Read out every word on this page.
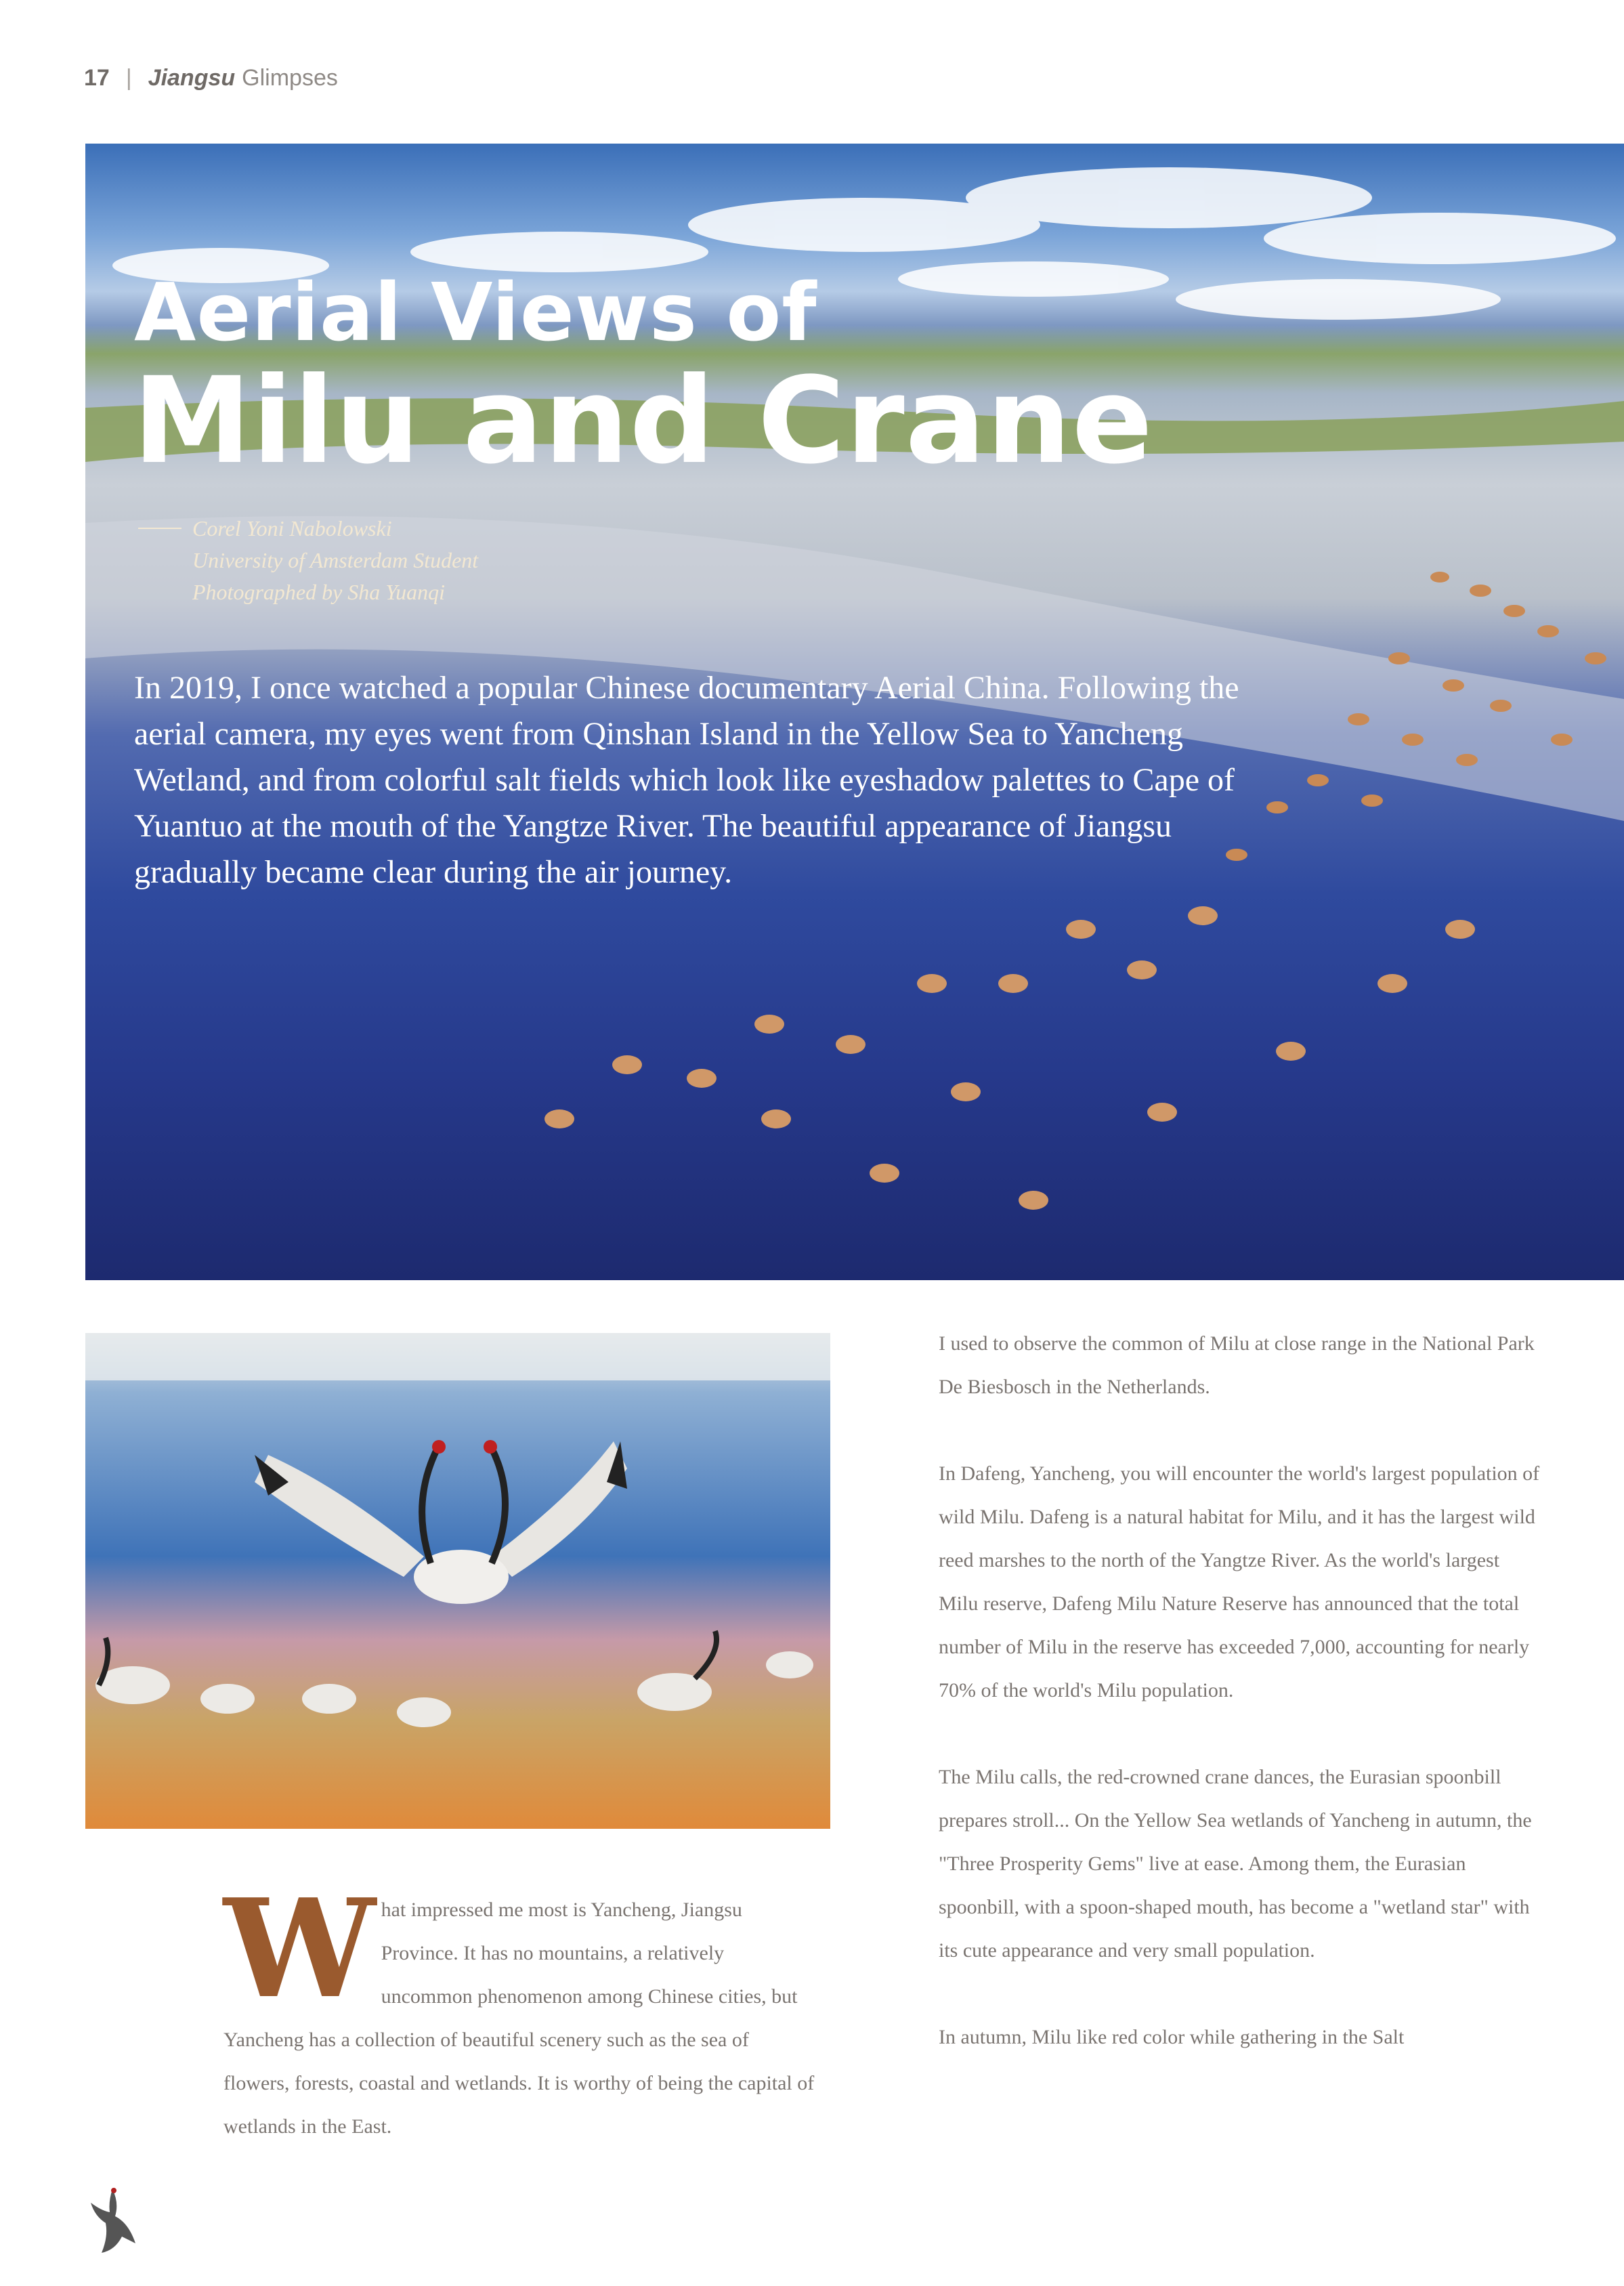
17 | Jiangsu Glimpses
Aerial Views of
Milu and Crane
Corel Yoni Nabolowski
University of Amsterdam Student
Photographed by Sha Yuanqi
In 2019, I once watched a popular Chinese documentary Aerial China. Following the aerial camera, my eyes went from Qinshan Island in the Yellow Sea to Yancheng Wetland, and from colorful salt fields which look like eyeshadow palettes to Cape of Yuantuo at the mouth of the Yangtze River. The beautiful appearance of Jiangsu gradually became clear during the air journey.
W hat impressed me most is Yancheng, Jiangsu Province. It has no mountains, a relatively uncommon phenomenon among Chinese cities, but Yancheng has a collection of beautiful scenery such as the sea of flowers, forests, coastal and wetlands. It is worthy of being the capital of wetlands in the East.

I used to observe the common of Milu at close range in the National Park De Biesbosch in the Netherlands.

In Dafeng, Yancheng, you will encounter the world's largest population of wild Milu. Dafeng is a natural habitat for Milu, and it has the largest wild reed marshes to the north of the Yangtze River. As the world's largest Milu reserve, Dafeng Milu Nature Reserve has announced that the total number of Milu in the reserve has exceeded 7,000, accounting for nearly 70% of the world's Milu population.

The Milu calls, the red-crowned crane dances, the Eurasian spoonbill prepares stroll... On the Yellow Sea wetlands of Yancheng in autumn, the "Three Prosperity Gems" live at ease. Among them, the Eurasian spoonbill, with a spoon-shaped mouth, has become a "wetland star" with its cute appearance and very small population.

In autumn, Milu like red color while gathering in the Salt
